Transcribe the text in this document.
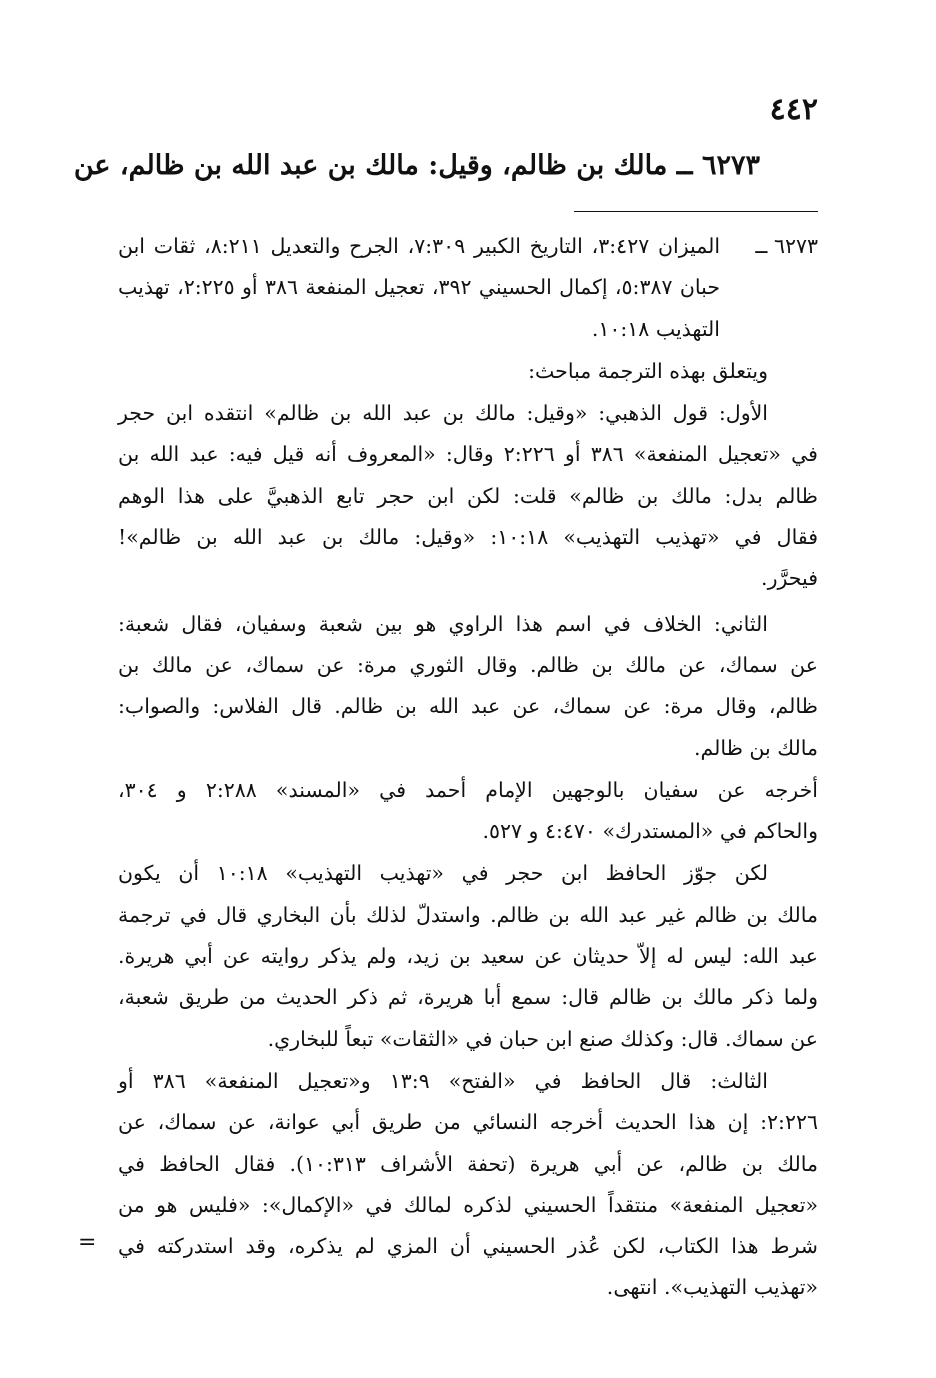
٤٤٢
٦٢٧٣ ــ مالك بن ظالم، وقيل: مالك بن عبد الله بن ظالم، عن
٦٢٧٣ ــ
الميزان ٣:٤٢٧، التاريخ الكبير ٧:٣٠٩، الجرح والتعديل ٨:٢١١، ثقات ابن
حبان ٥:٣٨٧، إكمال الحسيني ٣٩٢، تعجيل المنفعة ٣٨٦ أو ٢:٢٢٥، تهذيب
التهذيب ١٠:١٨.
ويتعلق بهذه الترجمة مباحث:
الأول: قول الذهبي: «وقيل: مالك بن عبد الله بن ظالم» انتقده ابن حجر
في «تعجيل المنفعة» ٣٨٦ أو ٢:٢٢٦ وقال: «المعروف أنه قيل فيه: عبد الله بن
ظالم بدل: مالك بن ظالم» قلت: لكن ابن حجر تابع الذهبيَّ على هذا الوهم
فقال في «تهذيب التهذيب» ١٠:١٨: «وقيل: مالك بن عبد الله بن ظالم»!
فيحرَّر.
الثاني: الخلاف في اسم هذا الراوي هو بين شعبة وسفيان، فقال شعبة:
عن سماك، عن مالك بن ظالم. وقال الثوري مرة: عن سماك، عن مالك بن
ظالم، وقال مرة: عن سماك، عن عبد الله بن ظالم. قال الفلاس: والصواب:
مالك بن ظالم.
أخرجه عن سفيان بالوجهين الإمام أحمد في «المسند» ٢:٢٨٨ و ٣٠٤،
والحاكم في «المستدرك» ٤:٤٧٠ و ٥٢٧.
لكن جوّز الحافظ ابن حجر في «تهذيب التهذيب» ١٠:١٨ أن يكون
مالك بن ظالم غير عبد الله بن ظالم. واستدلّ لذلك بأن البخاري قال في ترجمة
عبد الله: ليس له إلاّ حديثان عن سعيد بن زيد، ولم يذكر روايته عن أبي هريرة.
ولما ذكر مالك بن ظالم قال: سمع أبا هريرة، ثم ذكر الحديث من طريق شعبة،
عن سماك. قال: وكذلك صنع ابن حبان في «الثقات» تبعاً للبخاري.
الثالث: قال الحافظ في «الفتح» ١٣:٩ و«تعجيل المنفعة» ٣٨٦ أو
٢:٢٢٦: إن هذا الحديث أخرجه النسائي من طريق أبي عوانة، عن سماك، عن
مالك بن ظالم، عن أبي هريرة (تحفة الأشراف ١٠:٣١٣). فقال الحافظ في
«تعجيل المنفعة» منتقداً الحسيني لذكره لمالك في «الإكمال»: «فليس هو من
شرط هذا الكتاب، لكن عُذر الحسيني أن المزي لم يذكره، وقد استدركته في
«تهذيب التهذيب». انتهى.
=
